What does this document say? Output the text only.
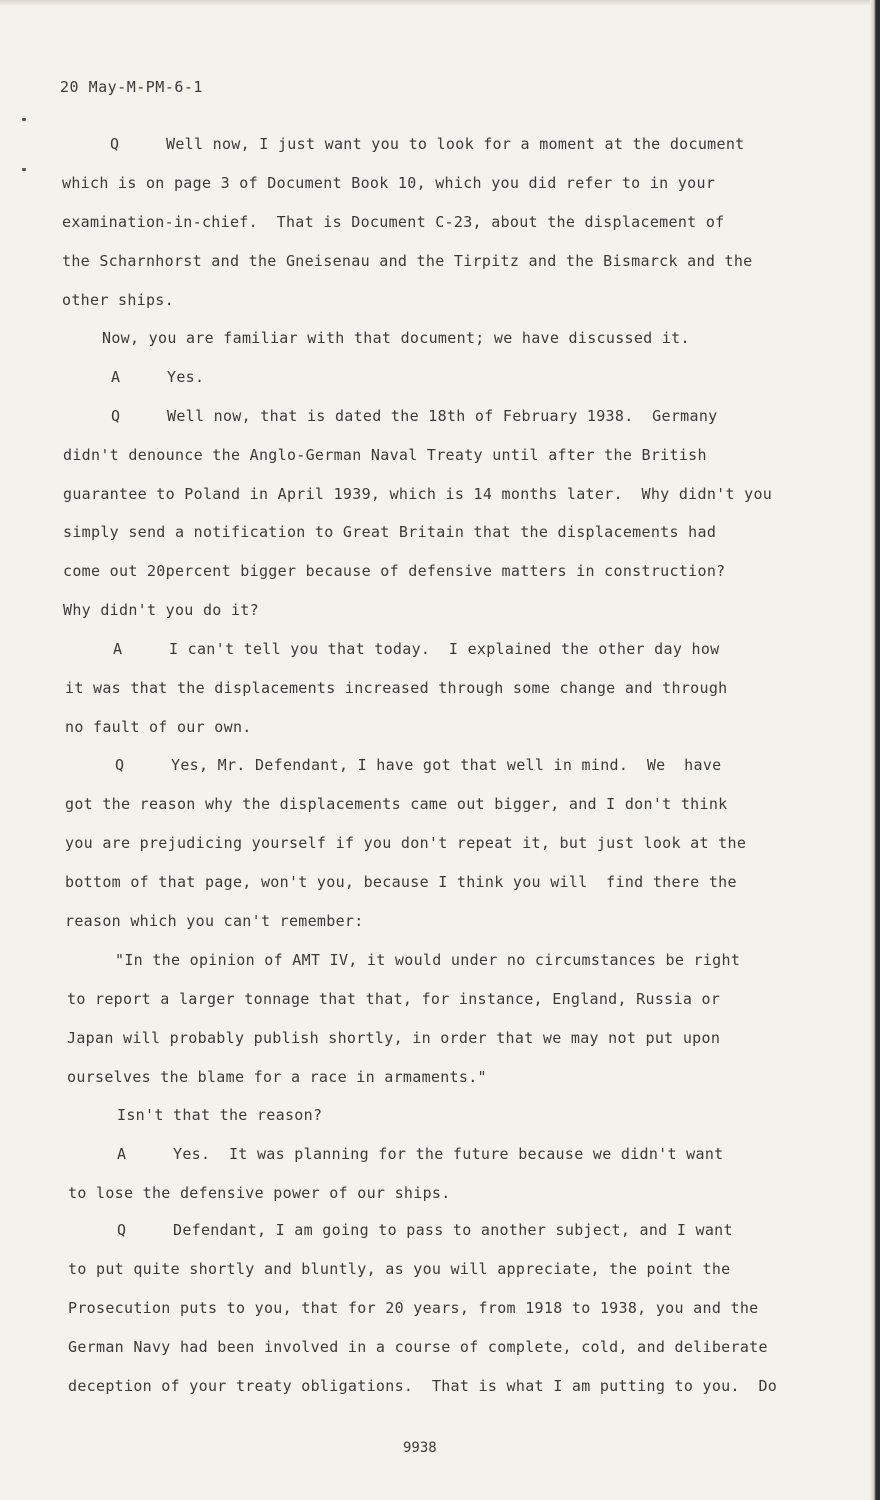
20 May-M-PM-6-1
Q     Well now, I just want you to look for a moment at the document
which is on page 3 of Document Book 10, which you did refer to in your
examination-in-chief.  That is Document C-23, about the displacement of
the Scharnhorst and the Gneisenau and the Tirpitz and the Bismarck and the
other ships.
Now, you are familiar with that document; we have discussed it.
A     Yes.
Q     Well now, that is dated the 18th of February 1938.  Germany
didn't denounce the Anglo-German Naval Treaty until after the British
guarantee to Poland in April 1939, which is 14 months later.  Why didn't you
simply send a notification to Great Britain that the displacements had
come out 20percent bigger because of defensive matters in construction?
Why didn't you do it?
A     I can't tell you that today.  I explained the other day how
it was that the displacements increased through some change and through
no fault of our own.
Q     Yes, Mr. Defendant, I have got that well in mind.  We  have
got the reason why the displacements came out bigger, and I don't think
you are prejudicing yourself if you don't repeat it, but just look at the
bottom of that page, won't you, because I think you will  find there the
reason which you can't remember:
"In the opinion of AMT IV, it would under no circumstances be right
to report a larger tonnage that that, for instance, England, Russia or
Japan will probably publish shortly, in order that we may not put upon
ourselves the blame for a race in armaments."
Isn't that the reason?
A     Yes.  It was planning for the future because we didn't want
to lose the defensive power of our ships.
Q     Defendant, I am going to pass to another subject, and I want
to put quite shortly and bluntly, as you will appreciate, the point the
Prosecution puts to you, that for 20 years, from 1918 to 1938, you and the
German Navy had been involved in a course of complete, cold, and deliberate
deception of your treaty obligations.  That is what I am putting to you.  Do
9938
